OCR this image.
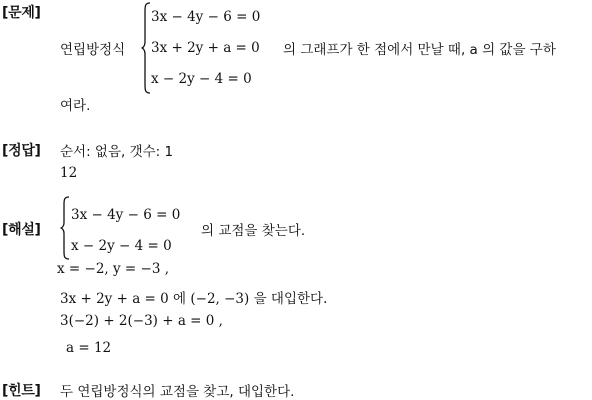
[문제]
연립방정식
3x − 4y − 6 = 0
3x + 2y + a = 0
x − 2y − 4 = 0
의 그래프가 한 점에서 만날 때, a 의 값을 구하
여라.
[정답] 순서: 없음, 갯수: 1
12
[해설]
3x − 4y − 6 = 0
x − 2y − 4 = 0
의 교점을 찾는다.
x = −2, y = −3 ,
3x + 2y + a = 0 에 (−2, −3) 을 대입한다.
3(−2) + 2(−3) + a = 0 ,
a = 12
[힌트] 두 연립방정식의 교점을 찾고, 대입한다.
